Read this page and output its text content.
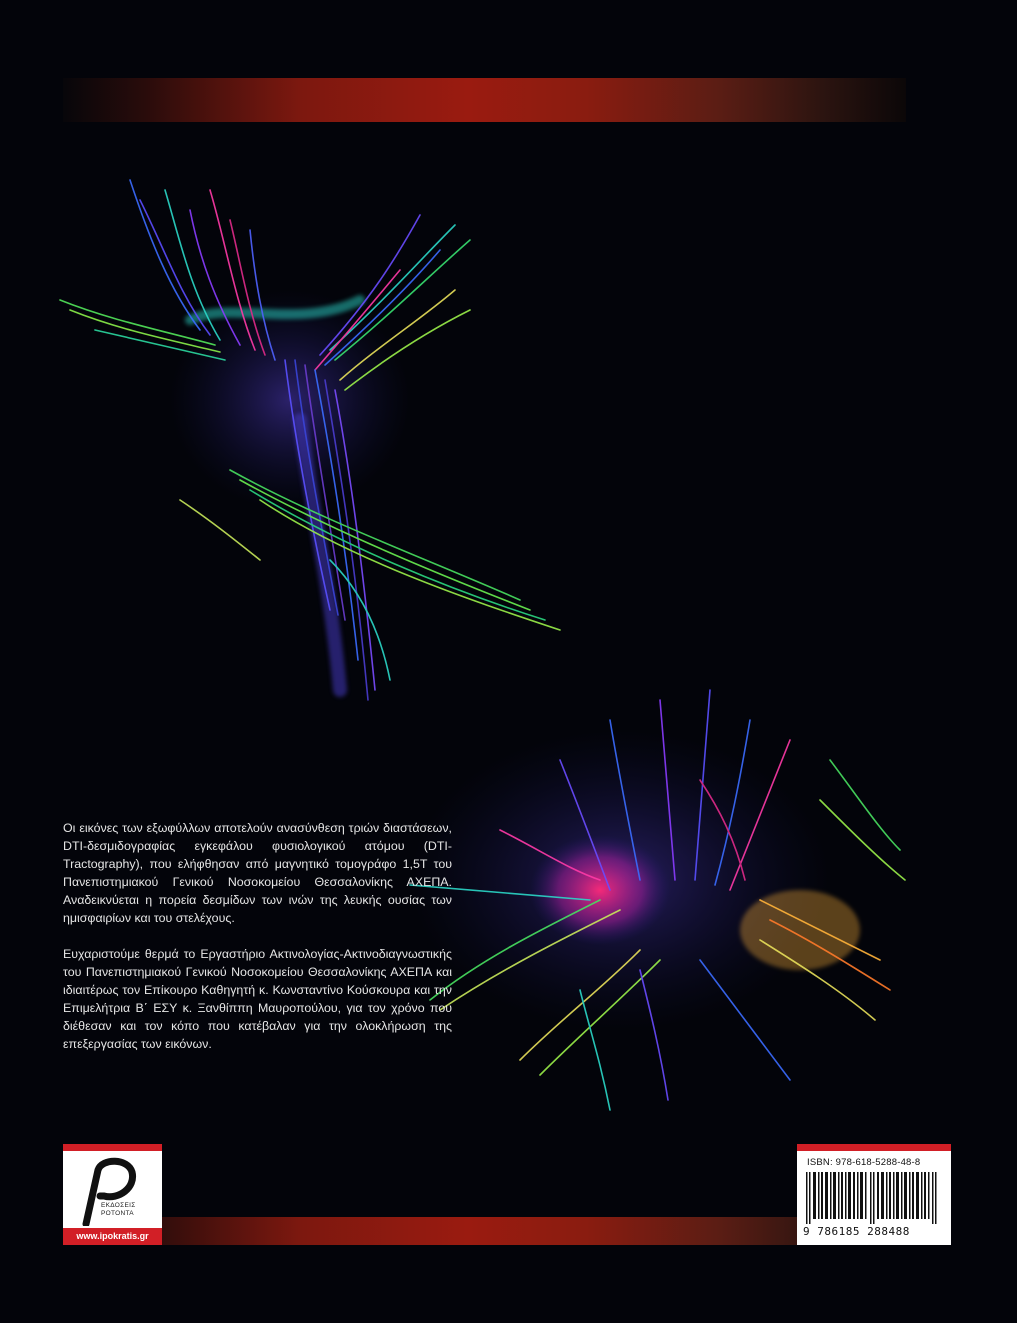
Οι εικόνες των εξωφύλλων αποτελούν ανασύνθεση τριών διαστάσεων, DTI-δεσμιδογραφίας εγκεφάλου φυσιολογικού ατόμου (DTI-Tractography), που ελήφθησαν από μαγνητικό τομογράφο 1,5Τ του Πανεπιστημιακού Γενικού Νοσοκομείου Θεσσαλονίκης ΑΧΕΠΑ. Αναδεικνύεται η πορεία δεσμίδων των ινών της λευκής ουσίας των ημισφαιρίων και του στελέχους.

Ευχαριστούμε θερμά το Εργαστήριο Ακτινολογίας-Ακτινοδιαγνωστικής του Πανεπιστημιακού Γενικού Νοσοκομείου Θεσσαλονίκης ΑΧΕΠΑ και ιδιαιτέρως τον Επίκουρο Καθηγητή κ. Κωνσταντίνο Κούσκουρα και την Επιμελήτρια Β΄ ΕΣΥ κ. Ξανθίππη Μαυροπούλου, για τον χρόνο που διέθεσαν και τον κόπο που κατέβαλαν για την ολοκλήρωση της επεξεργασίας των εικόνων.

ΕΚΔΟΣΕΙΣ
ΡΟΤΟΝΤΑ
www.ipokratis.gr
ISBN: 978-618-5288-48-8
9 786185 288488
